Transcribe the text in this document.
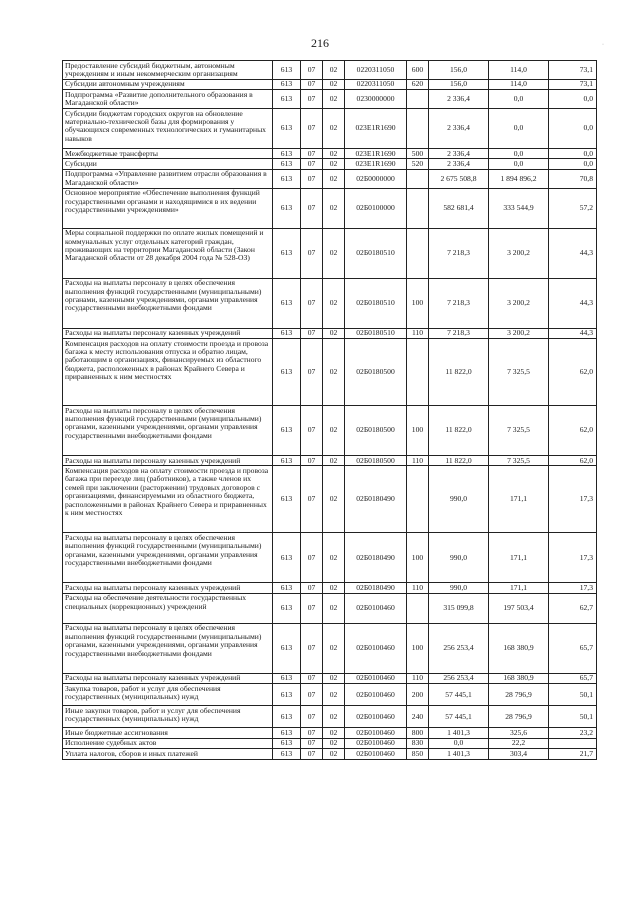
216	·
Предоставление субсидий бюджетным, автономным учреждениям и иным некоммерческим организациям	613	07	02	0220311050	600	156,0	114,0	73,1
Субсидии автономным учреждениям	613	07	02	0220311050	620	156,0	114,0	73,1
Подпрограмма «Развитие дополнительного образования в Магаданской области»	613	07	02	0230000000		2 336,4	0,0	0,0
Субсидии бюджетам городских округов на обновление материально-технической базы для формирования у обучающихся современных технологических и гуманитарных навыков	613	07	02	023E1R1690		2 336,4	0,0	0,0
Межбюджетные трансферты	613	07	02	023E1R1690	500	2 336,4	0,0	0,0
Субсидии	613	07	02	023E1R1690	520	2 336,4	0,0	0,0
Подпрограмма «Управление развитием отрасли образования в Магаданской области»	613	07	02	02Б0000000		2 675 508,8	1 894 896,2	70,8
Основное мероприятие «Обеспечение выполнения функций государственными органами и находящимися в их ведении государственными учреждениями»	613	07	02	02Б0100000		582 681,4	333 544,9	57,2
Меры социальной поддержки по оплате жилых помещений и коммунальных услуг отдельных категорий граждан, проживающих на территории Магаданской области (Закон Магаданской области от 28 декабря 2004 года № 528-ОЗ)	613	07	02	02Б0180510		7 218,3	3 200,2	44,3
Расходы на выплаты персоналу в целях обеспечения выполнения функций государственными (муниципальными) органами, казенными учреждениями, органами управления государственными внебюджетными фондами	613	07	02	02Б0180510	100	7 218,3	3 200,2	44,3
Расходы на выплаты персоналу казенных учреждений	613	07	02	02Б0180510	110	7 218,3	3 200,2	44,3
Компенсация расходов на оплату стоимости проезда и провоза багажа к месту использования отпуска и обратно лицам, работающим в организациях, финансируемых из областного бюджета, расположенных в районах Крайнего Севера и приравненных к ним местностях	613	07	02	02Б0180500		11 822,0	7 325,5	62,0
Расходы на выплаты персоналу в целях обеспечения выполнения функций государственными (муниципальными) органами, казенными учреждениями, органами управления государственными внебюджетными фондами	613	07	02	02Б0180500	100	11 822,0	7 325,5	62,0
Расходы на выплаты персоналу казенных учреждений	613	07	02	02Б0180500	110	11 822,0	7 325,5	62,0
Компенсация расходов на оплату стоимости проезда и провоза багажа при переезде лиц (работников), а также членов их семей при заключении (расторжении) трудовых договоров с организациями, финансируемыми из областного бюджета, расположенными в районах Крайнего Севера и приравненных к ним местностях	613	07	02	02Б0180490		990,0	171,1	17,3
Расходы на выплаты персоналу в целях обеспечения выполнения функций государственными (муниципальными) органами, казенными учреждениями, органами управления государственными внебюджетными фондами	613	07	02	02Б0180490	100	990,0	171,1	17,3
Расходы на выплаты персоналу казенных учреждений	613	07	02	02Б0180490	110	990,0	171,1	17,3
Расходы на обеспечение деятельности государственных специальных (коррекционных) учреждений	613	07	02	02Б0100460		315 099,8	197 503,4	62,7
Расходы на выплаты персоналу в целях обеспечения выполнения функций государственными (муниципальными) органами, казенными учреждениями, органами управления государственными внебюджетными фондами	613	07	02	02Б0100460	100	256 253,4	168 380,9	65,7
Расходы на выплаты персоналу казенных учреждений	613	07	02	02Б0100460	110	256 253,4	168 380,9	65,7
Закупка товаров, работ и услуг для обеспечения государственных (муниципальных) нужд	613	07	02	02Б0100460	200	57 445,1	28 796,9	50,1
Иные закупки товаров, работ и услуг для обеспечения государственных (муниципальных) нужд	613	07	02	02Б0100460	240	57 445,1	28 796,9	50,1
Иные бюджетные ассигнования	613	07	02	02Б0100460	800	1 401,3	325,6	23,2
Исполнение судебных актов	613	07	02	02Б0100460	830	0,0	22,2	
Уплата налогов, сборов и иных платежей	613	07	02	02Б0100460	850	1 401,3	303,4	21,7
